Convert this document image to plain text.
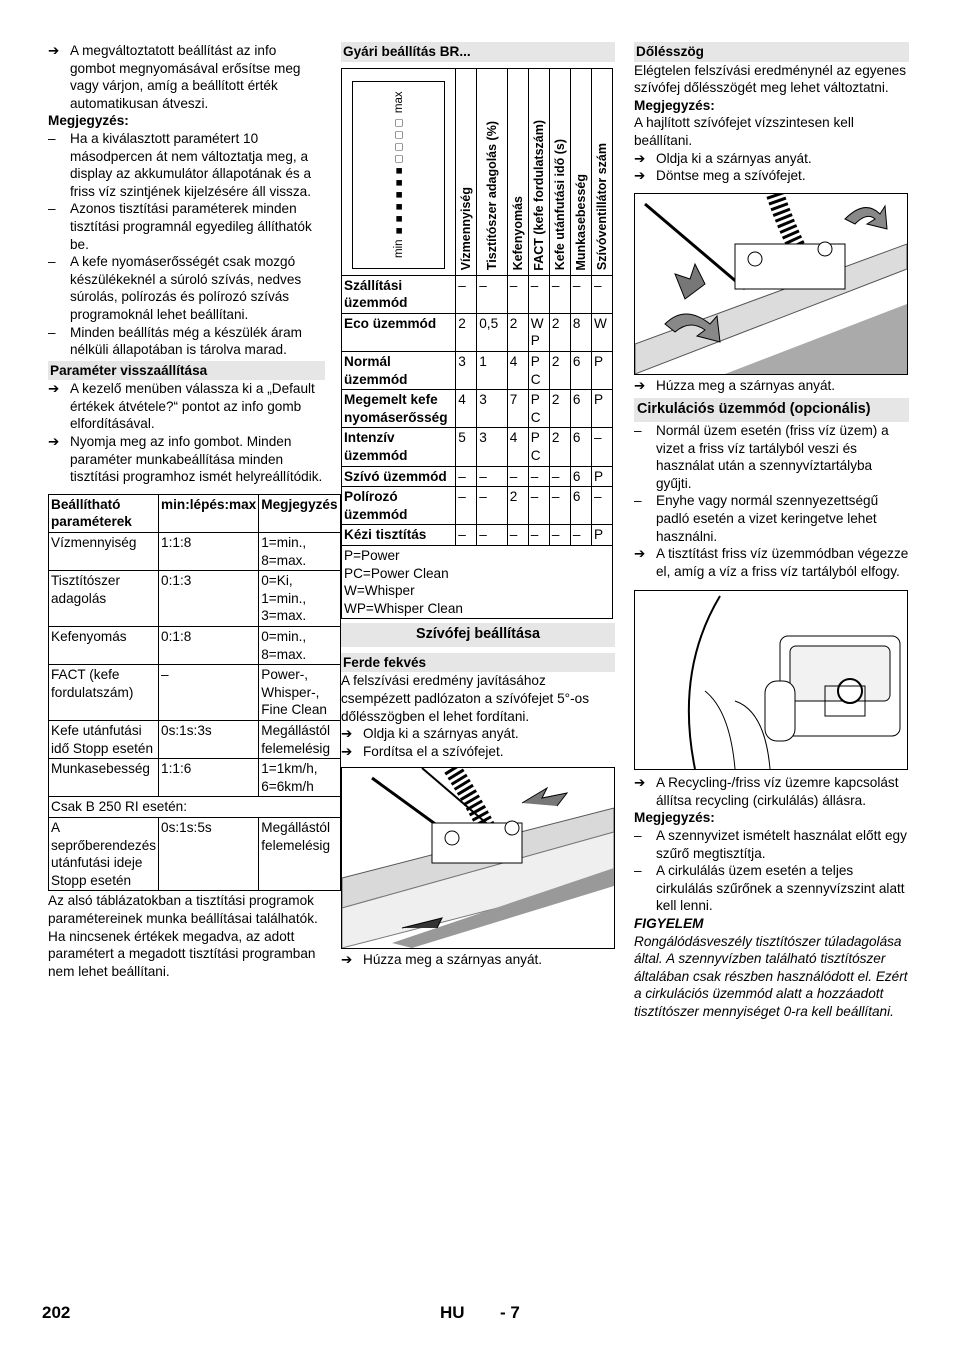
➔ A megváltoztatott beállítást az info gombot megnyomásával erősítse meg vagy várjon, amíg a beállított érték automatikusan átveszi.

Megjegyzés:

–	Ha a kiválasztott paramétert 10 másodpercen át nem változtatja meg, a display az akkumulátor állapotának és a friss víz szintjének kijelzésére áll vissza.
–	Azonos tisztítási paraméterek minden tisztítási programnál egyedileg állíthatók be.
–	A kefe nyomáserősségét csak mozgó készülékeknél a súroló szívás, nedves súrolás, polírozás és polírozó szívás programoknál lehet beállítani.
–	Minden beállítás még a készülék áram nélküli állapotában is tárolva marad.
Paraméter visszaállítása
➔ A kezelő menüben válassza ki a „Default értékek átvétele?“ pontot az info gomb elfordításával.
➔ Nyomja meg az info gombot. Minden paraméter munkabeállítása minden tisztítási programhoz ismét helyreállítódik.
Beállítható paraméterek	min:lépés:max	Megjegyzés
Vízmennyiség	1:1:8	1=min., 8=max.
Tisztítószer adagolás	0:1:3	0=Ki, 1=min., 3=max.
Kefenyomás	0:1:8	0=min., 8=max.
FACT (kefe fordulatszám)	–	Power-, Whisper-, Fine Clean
Kefe utánfutási idő Stopp esetén	0s:1s:3s	Megállástól felemelésig
Munkasebesség	1:1:6	1=1km/h, 6=6km/h
Csak B 250 RI esetén:		
A seprőberendezés utánfutási ideje Stopp esetén	0s:1s:5s	Megállástól felemelésig

Az alsó táblázatokban a tisztítási programok paramétereinek munka beállításai találhatók. Ha nincsenek értékek megadva, az adott paramétert a megadott tisztítási programban nem lehet beállítani.

Gyári beállítás BR...
min ■■■■■■□□□□ max	Vízmennyiség	Tisztítószer adagolás (%)	Kefenyomás	FACT (kefe fordulatszám)	Kefe utánfutási idő (s)	Munkasebesség	Szívóventillátor szám

Szállítási üzemmód	–	–	–	–	–	–	–
Eco üzemmód	2	0,5	2	WP	2	8	W
Normál üzemmód	3	1	4	PC	2	6	P
Megemelt kefe nyomáserősség	4	3	7	PC	2	6	P
Intenzív üzemmód	5	3	4	PC	2	6	–
Szívó üzemmód	–	–	–	–	–	6	P
Polírozó üzemmód	–	–	2	–	–	6	–
Kézi tisztítás	–	–	–	–	–	–	P

P=Power
PC=Power Clean
W=Whisper
WP=Whisper Clean							
Szívófej beállítása
Ferde fekvés

A felszívási eredmény javításához csempézett padlózaton a szívófejet 5°-os dőlésszögben el lehet fordítani.

➔ Oldja ki a szárnyas anyát.
➔ Fordítsa el a szívófejet.
➔ Húzza meg a szárnyas anyát.
Dőlésszög

Elégtelen felszívási eredménynél az egyenes szívófej dőlésszögét meg lehet változtatni.

Megjegyzés:

A hajlított szívófejet vízszintesen kell beállítani.

➔ Oldja ki a szárnyas anyát.
➔ Döntse meg a szívófejet.
➔ Húzza meg a szárnyas anyát.
Cirkulációs üzemmód (opcionális)
–	Normál üzem esetén (friss víz üzem) a vizet a friss víz tartályból veszi és használat után a szennyvíztartályba gyűjti.
–	Enyhe vagy normál szennyezettségű padló esetén a vizet keringetve lehet használni.
➔ A tisztítást friss víz üzemmódban végezze el, amíg a víz a friss víz tartályból elfogy.
➔ A Recycling-/friss víz üzemre kapcsolást állítsa recycling (cirkulálás) állásra.

Megjegyzés:

–	A szennyvizet ismételt használat előtt egy szűrő megtisztítja.
–	A cirkulálás üzem esetén a teljes cirkulálás szűrőnek a szennyvízszint alatt kell lenni.

FIGYELEM

Rongálódásveszély tisztítószer túladagolása által. A szennyvízben található tisztítószer általában csak részben használódott el. Ezért a cirkulációs üzemmód alatt a hozzáadott tisztítószer mennyiséget 0-ra kell beállítani.

202	HU - 7
